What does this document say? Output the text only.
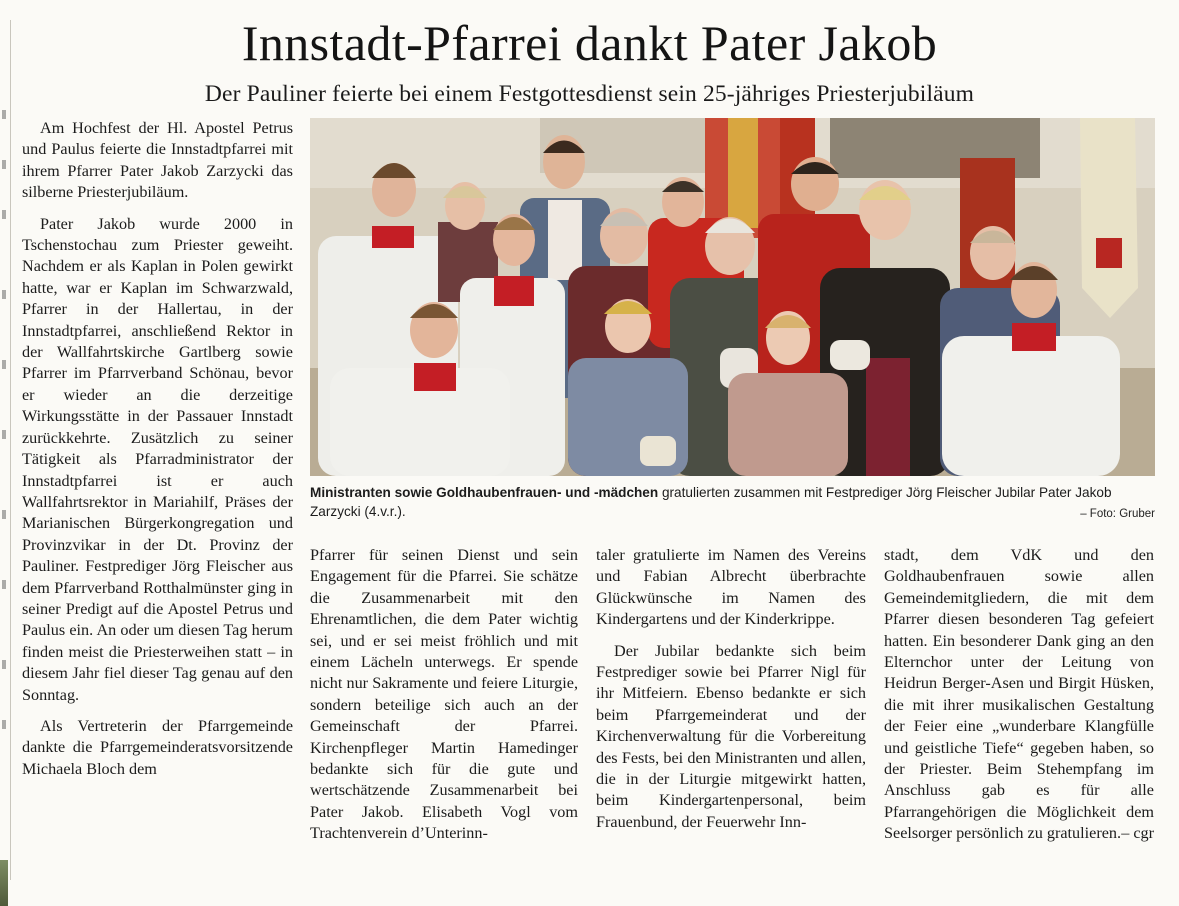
Innstadt-Pfarrei dankt Pater Jakob
Der Pauliner feierte bei einem Festgottesdienst sein 25-jähriges Priesterjubiläum

Am Hochfest der Hl. Apostel Petrus und Paulus feierte die Innstadtpfarrei mit ihrem Pfarrer Pater Jakob Zarzycki das silberne Priesterjubiläum.

Pater Jakob wurde 2000 in Tschenstochau zum Priester geweiht. Nachdem er als Kaplan in Polen gewirkt hatte, war er Kaplan im Schwarzwald, Pfarrer in der Hallertau, in der Innstadtpfarrei, anschließend Rektor in der Wallfahrtskirche Gartlberg sowie Pfarrer im Pfarrverband Schönau, bevor er wieder an die derzeitige Wirkungsstätte in der Passauer Innstadt zurückkehrte. Zusätzlich zu seiner Tätigkeit als Pfarradministrator der Innstadtpfarrei ist er auch Wallfahrtsrektor in Mariahilf, Präses der Marianischen Bürgerkongregation und Provinzvikar in der Dt. Provinz der Pauliner. Festprediger Jörg Fleischer aus dem Pfarrverband Rotthalmünster ging in seiner Predigt auf die Apostel Petrus und Paulus ein. An oder um diesen Tag herum finden meist die Priesterweihen statt – in diesem Jahr fiel dieser Tag genau auf den Sonntag.

Als Vertreterin der Pfarrgemeinde dankte die Pfarrgemeinderatsvorsitzende Michaela Bloch dem

Ministranten sowie Goldhaubenfrauen- und -mädchen gratulierten zusammen mit Festprediger Jörg Fleischer Jubilar Pater Jakob Zarzycki (4.v.r.).	– Foto: Gruber

Pfarrer für seinen Dienst und sein Engagement für die Pfarrei. Sie schätze die Zusammenarbeit mit den Ehrenamtlichen, die dem Pater wichtig sei, und er sei meist fröhlich und mit einem Lächeln unterwegs. Er spende nicht nur Sakramente und feiere Liturgie, sondern beteilige sich auch an der Gemeinschaft der Pfarrei. Kirchenpfleger Martin Hamedinger bedankte sich für die gute und wertschätzende Zusammenarbeit bei Pater Jakob. Elisabeth Vogl vom Trachtenverein d’Unterinn-

taler gratulierte im Namen des Vereins und Fabian Albrecht überbrachte Glückwünsche im Namen des Kindergartens und der Kinderkrippe.

Der Jubilar bedankte sich beim Festprediger sowie bei Pfarrer Nigl für ihr Mitfeiern. Ebenso bedankte er sich beim Pfarrgemeinderat und der Kirchenverwaltung für die Vorbereitung des Fests, bei den Ministranten und allen, die in der Liturgie mitgewirkt hatten, beim Kindergartenpersonal, beim Frauenbund, der Feuerwehr Inn-

stadt, dem VdK und den Goldhaubenfrauen sowie allen Gemeindemitgliedern, die mit dem Pfarrer diesen besonderen Tag gefeiert hatten. Ein besonderer Dank ging an den Elternchor unter der Leitung von Heidrun Berger-Asen und Birgit Hüsken, die mit ihrer musikalischen Gestaltung der Feier eine „wunderbare Klangfülle und geistliche Tiefe“ gegeben haben, so der Priester. Beim Stehempfang im Anschluss gab es für alle Pfarrangehörigen die Möglichkeit dem Seelsorger persönlich zu gratulieren. – cgr
